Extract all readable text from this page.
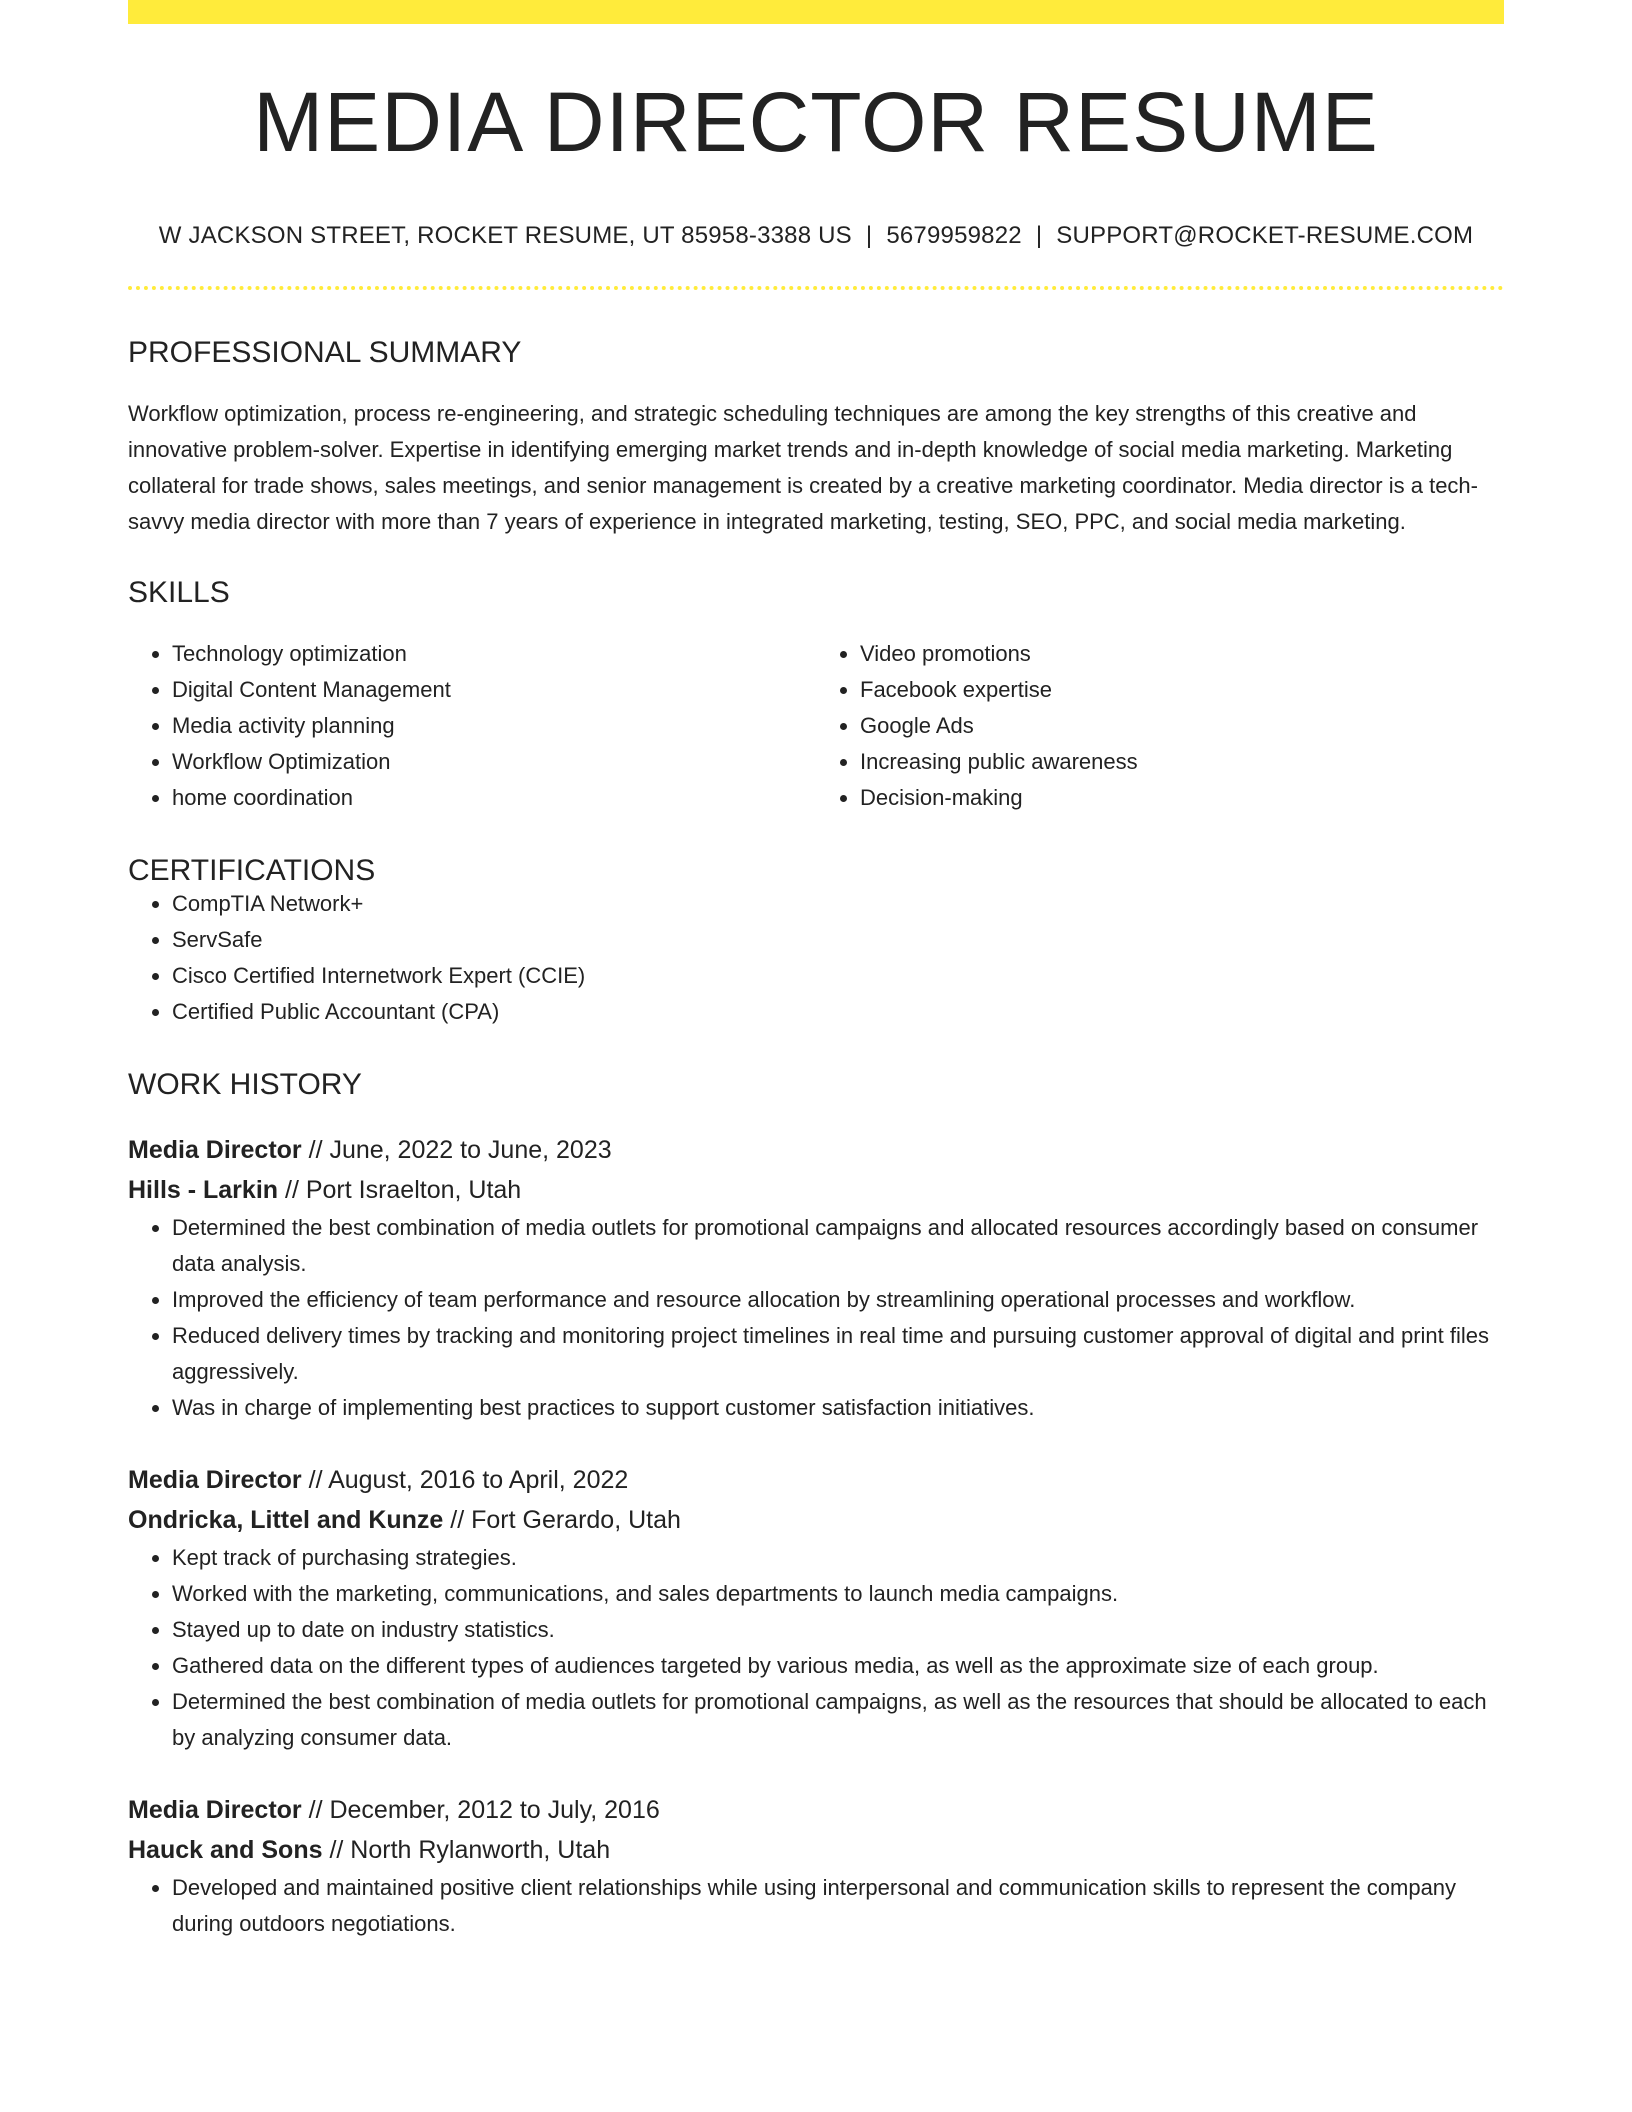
MEDIA DIRECTOR RESUME
W JACKSON STREET, ROCKET RESUME, UT 85958-3388 US | 5679959822 | SUPPORT@ROCKET-RESUME.COM
PROFESSIONAL SUMMARY

Workflow optimization, process re-engineering, and strategic scheduling techniques are among the key strengths of this creative and innovative problem-solver. Expertise in identifying emerging market trends and in-depth knowledge of social media marketing. Marketing collateral for trade shows, sales meetings, and senior management is created by a creative marketing coordinator. Media director is a tech-savvy media director with more than 7 years of experience in integrated marketing, testing, SEO, PPC, and social media marketing.

SKILLS
• Technology optimization
• Digital Content Management
• Media activity planning
• Workflow Optimization
• home coordination
• Video promotions
• Facebook expertise
• Google Ads
• Increasing public awareness
• Decision-making
CERTIFICATIONS
• CompTIA Network+
• ServSafe
• Cisco Certified Internetwork Expert (CCIE)
• Certified Public Accountant (CPA)
WORK HISTORY
Media Director // June, 2022 to June, 2023
Hills - Larkin // Port Israelton, Utah
• Determined the best combination of media outlets for promotional campaigns and allocated resources accordingly based on consumer data analysis.
• Improved the efficiency of team performance and resource allocation by streamlining operational processes and workflow.
• Reduced delivery times by tracking and monitoring project timelines in real time and pursuing customer approval of digital and print files aggressively.
• Was in charge of implementing best practices to support customer satisfaction initiatives.
Media Director // August, 2016 to April, 2022
Ondricka, Littel and Kunze // Fort Gerardo, Utah
• Kept track of purchasing strategies.
• Worked with the marketing, communications, and sales departments to launch media campaigns.
• Stayed up to date on industry statistics.
• Gathered data on the different types of audiences targeted by various media, as well as the approximate size of each group.
• Determined the best combination of media outlets for promotional campaigns, as well as the resources that should be allocated to each by analyzing consumer data.
Media Director // December, 2012 to July, 2016
Hauck and Sons // North Rylanworth, Utah
• Developed and maintained positive client relationships while using interpersonal and communication skills to represent the company during outdoors negotiations.
